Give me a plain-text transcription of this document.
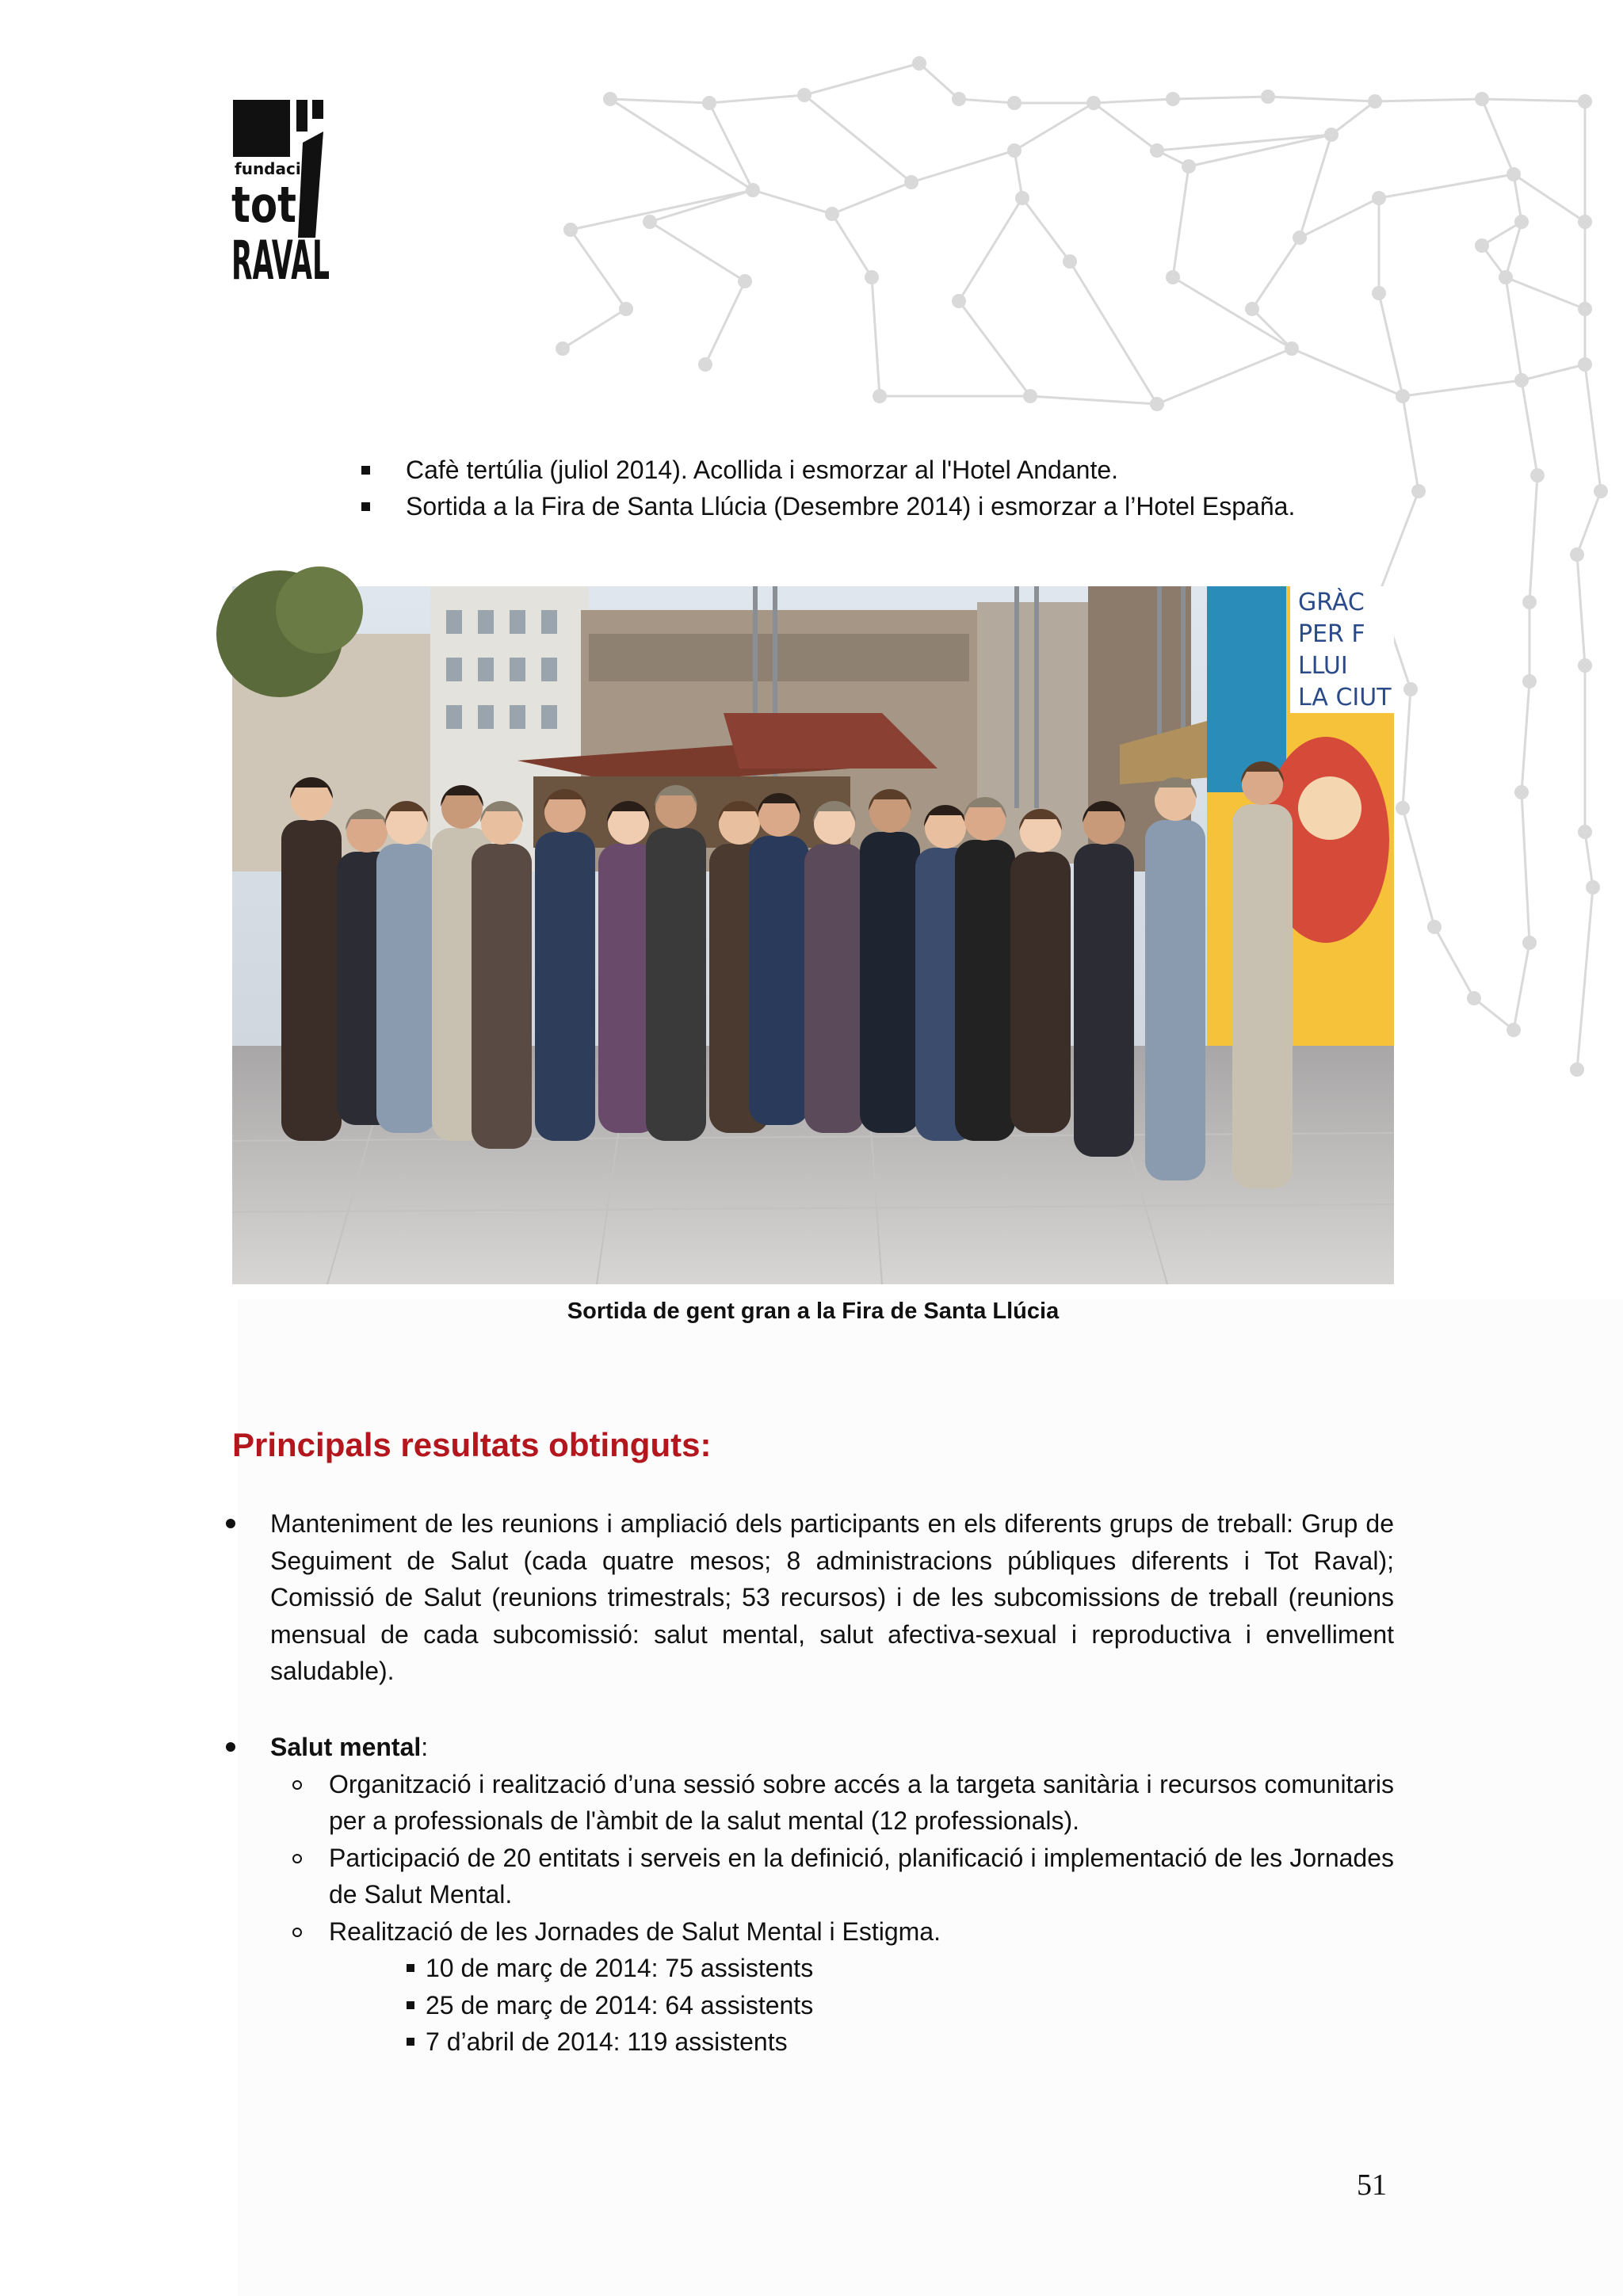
fundació
tot
RAVAL
Cafè tertúlia (juliol 2014). Acollida i esmorzar al l'Hotel Andante.
Sortida a la Fira de Santa Llúcia (Desembre 2014) i esmorzar a l’Hotel España.
GRÀC
PER F
LLUI
LA CIUT
Sortida de gent gran a la Fira de Santa Llúcia
Principals resultats obtinguts:
Manteniment de les reunions i ampliació dels participants en els diferents grups de treball: Grup de Seguiment de Salut (cada quatre mesos; 8 administracions públiques diferents i Tot Raval); Comissió de Salut (reunions trimestrals; 53 recursos) i de les subcomissions de treball (reunions mensual de cada subcomissió: salut mental, salut afectiva-sexual i reproductiva i envelliment saludable).
Salut mental:
Organització i realització d’una sessió sobre accés a la targeta sanitària i recursos comunitaris per a professionals de l'àmbit de la salut mental (12 professionals).
Participació de 20 entitats i serveis en la definició, planificació i implementació de les Jornades de Salut Mental.
Realització de les Jornades de Salut Mental i Estigma.
10 de març de 2014: 75 assistents
25 de març de 2014: 64 assistents
7 d’abril de 2014: 119 assistents
51
